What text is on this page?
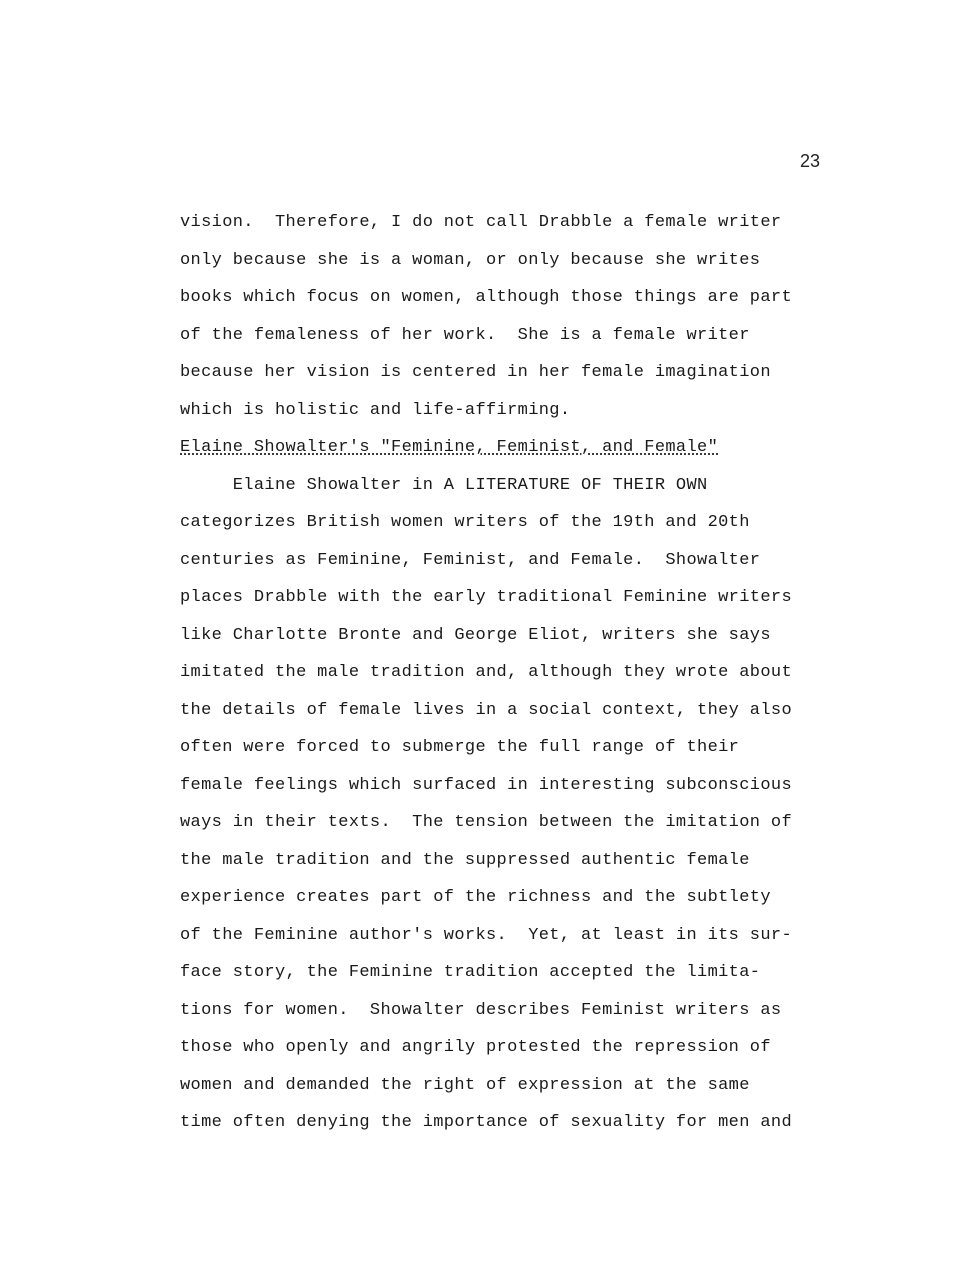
23
vision.  Therefore, I do not call Drabble a female writer
only because she is a woman, or only because she writes
books which focus on women, although those things are part
of the femaleness of her work.  She is a female writer
because her vision is centered in her female imagination
which is holistic and life-affirming.
Elaine Showalter's "Feminine, Feminist, and Female"
Elaine Showalter in A LITERATURE OF THEIR OWN
categorizes British women writers of the 19th and 20th
centuries as Feminine, Feminist, and Female.  Showalter
places Drabble with the early traditional Feminine writers
like Charlotte Bronte and George Eliot, writers she says
imitated the male tradition and, although they wrote about
the details of female lives in a social context, they also
often were forced to submerge the full range of their
female feelings which surfaced in interesting subconscious
ways in their texts.  The tension between the imitation of
the male tradition and the suppressed authentic female
experience creates part of the richness and the subtlety
of the Feminine author's works.  Yet, at least in its sur-
face story, the Feminine tradition accepted the limita-
tions for women.  Showalter describes Feminist writers as
those who openly and angrily protested the repression of
women and demanded the right of expression at the same
time often denying the importance of sexuality for men and
